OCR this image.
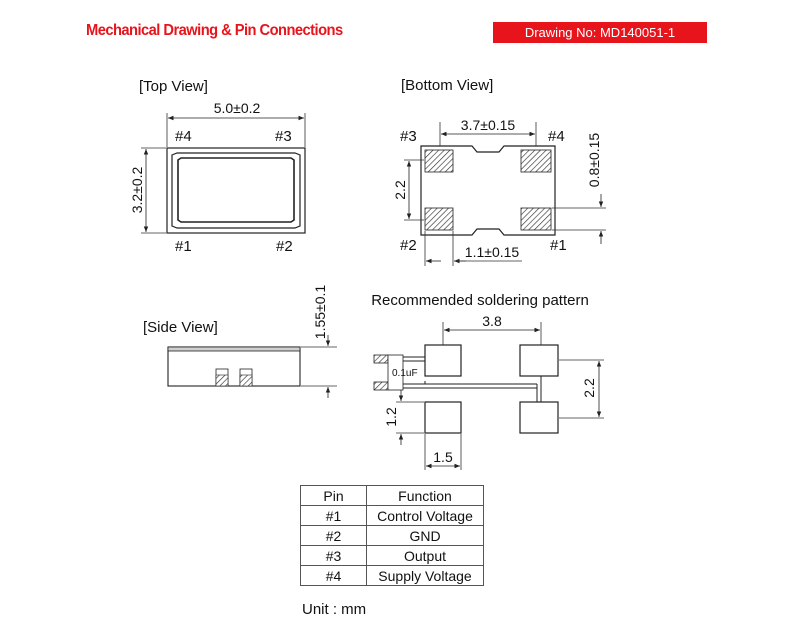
Mechanical Drawing & Pin Connections	Drawing No: MD140051-1
[Top View]
5.0±0.2
3.2±0.2
#4	#3
#1	#2
[Bottom View]
3.7±0.15
2.2
0.8±0.15
1.1±0.15
#3	#4
#2	#1
[Side View]	1.55±0.1	Recommended soldering pattern
3.8
0.1uF
2.2
1.2
1.5
Pin	Function
#1	Control Voltage
#2	GND
#3	Output
#4	Supply Voltage
Unit : mm
